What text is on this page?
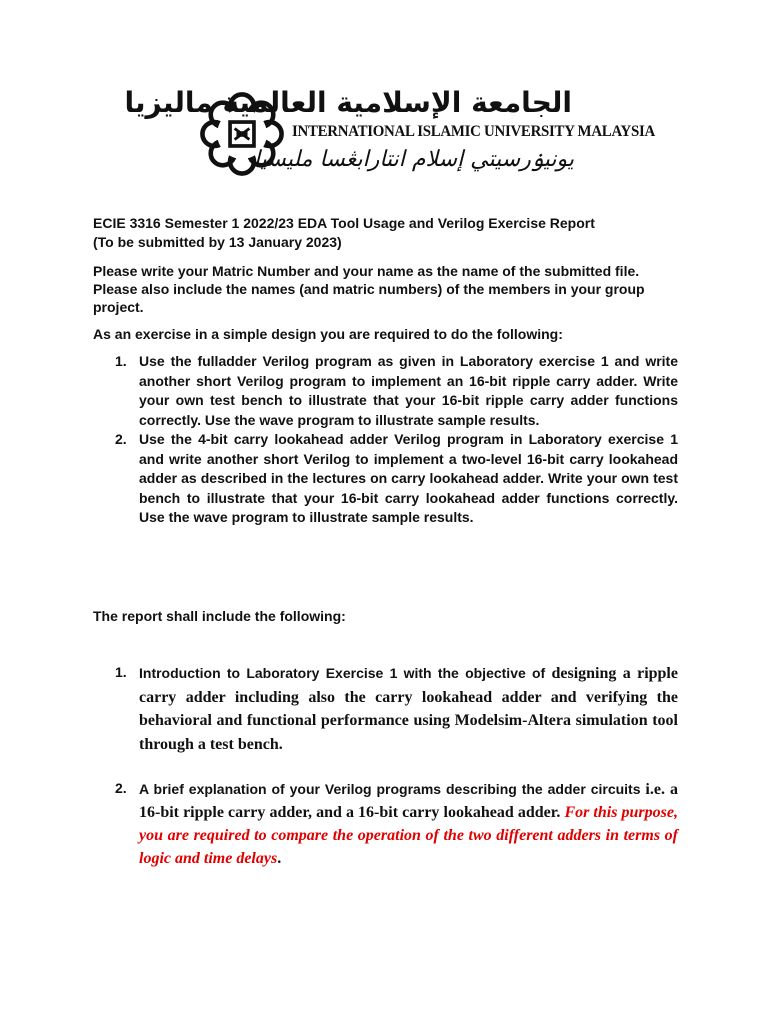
الجامعة الإسلامية العالمية ماليزيا
INTERNATIONAL ISLAMIC UNIVERSITY MALAYSIA
يونيۏرسيتي إسلام انتارابڠسا مليسيا
ECIE 3316 Semester 1 2022/23 EDA Tool Usage and Verilog Exercise Report
(To be submitted by 13 January 2023)
Please write your Matric Number and your name as the name of the submitted file. Please also include the names (and matric numbers) of the members in your group project.
As an exercise in a simple design you are required to do the following:
1. Use the fulladder Verilog program as given in Laboratory exercise 1 and write another short Verilog program to implement an 16-bit ripple carry adder. Write your own test bench to illustrate that your 16-bit ripple carry adder functions correctly. Use the wave program to illustrate sample results.
2. Use the 4-bit carry lookahead adder Verilog program in Laboratory exercise 1 and write another short Verilog to implement a two-level 16-bit carry lookahead adder as described in the lectures on carry lookahead adder. Write your own test bench to illustrate that your 16-bit carry lookahead adder functions correctly. Use the wave program to illustrate sample results.
The report shall include the following:
1. Introduction to Laboratory Exercise 1 with the objective of designing a ripple carry adder including also the carry lookahead adder and verifying the behavioral and functional performance using Modelsim-Altera simulation tool through a test bench.
2. A brief explanation of your Verilog programs describing the adder circuits i.e. a 16-bit ripple carry adder, and a 16-bit carry lookahead adder. For this purpose, you are required to compare the operation of the two different adders in terms of logic and time delays.
